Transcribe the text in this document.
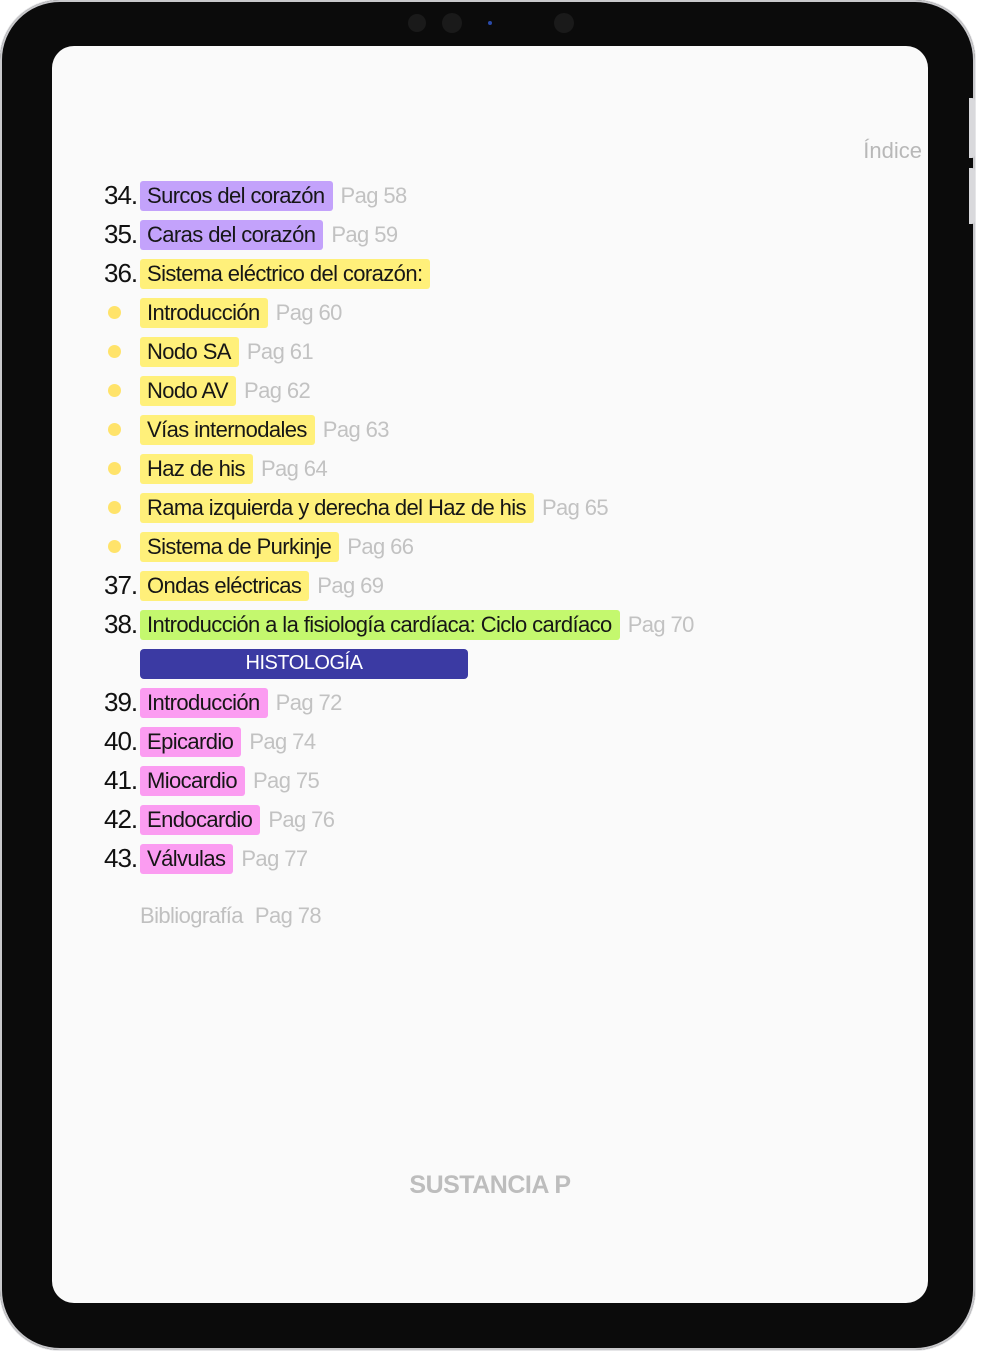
Índice
34. Surcos del corazón Pag 58
35. Caras del corazón Pag 59
36. Sistema eléctrico del corazón:
Introducción Pag 60
Nodo SA Pag 61
Nodo AV Pag 62
Vías internodales Pag 63
Haz de his Pag 64
Rama izquierda y derecha del Haz de his Pag 65
Sistema de Purkinje Pag 66
37. Ondas eléctricas Pag 69
38. Introducción a la fisiología cardíaca: Ciclo cardíaco Pag 70
HISTOLOGÍA
39. Introducción Pag 72
40. Epicardio Pag 74
41. Miocardio Pag 75
42. Endocardio Pag 76
43. Válvulas Pag 77
Bibliografía Pag 78
SUSTANCIA P
